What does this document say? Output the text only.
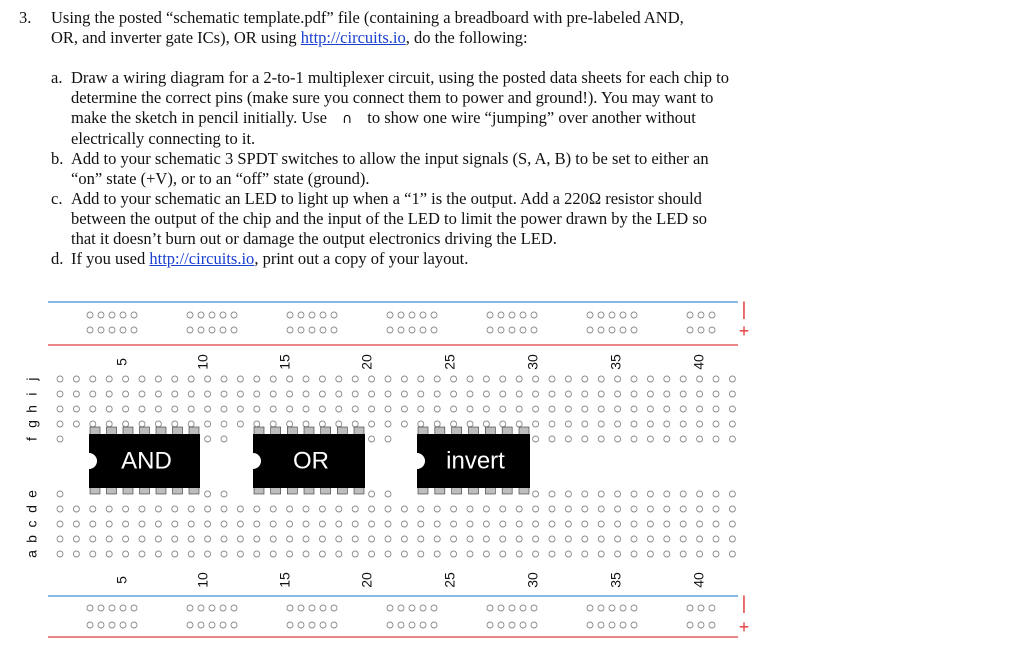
3. Using the posted “schematic template.pdf” file (containing a breadboard with pre-labeled AND, OR, and inverter gate ICs), OR using http://circuits.io, do the following:
a. Draw a wiring diagram for a 2-to-1 multiplexer circuit, using the posted data sheets for each chip to determine the correct pins (make sure you connect them to power and ground!). You may want to make the sketch in pencil initially. Use ∩ to show one wire “jumping” over another without electrically connecting to it.
b. Add to your schematic 3 SPDT switches to allow the input signals (S, A, B) to be set to either an “on” state (+V), or to an “off” state (ground).
c. Add to your schematic an LED to light up when a “1” is the output. Add a 220Ω resistor should between the output of the chip and the input of the LED to limit the power drawn by the LED so that it doesn’t burn out or damage the output electronics driving the LED.
d. If you used http://circuits.io, print out a copy of your layout.
|
+
|
+
5
5
10
10
15
15
20
20
25
25
30
30
35
35
40
40
j
i
h
g
f
e
d
c
b
a
AND	OR	invert
